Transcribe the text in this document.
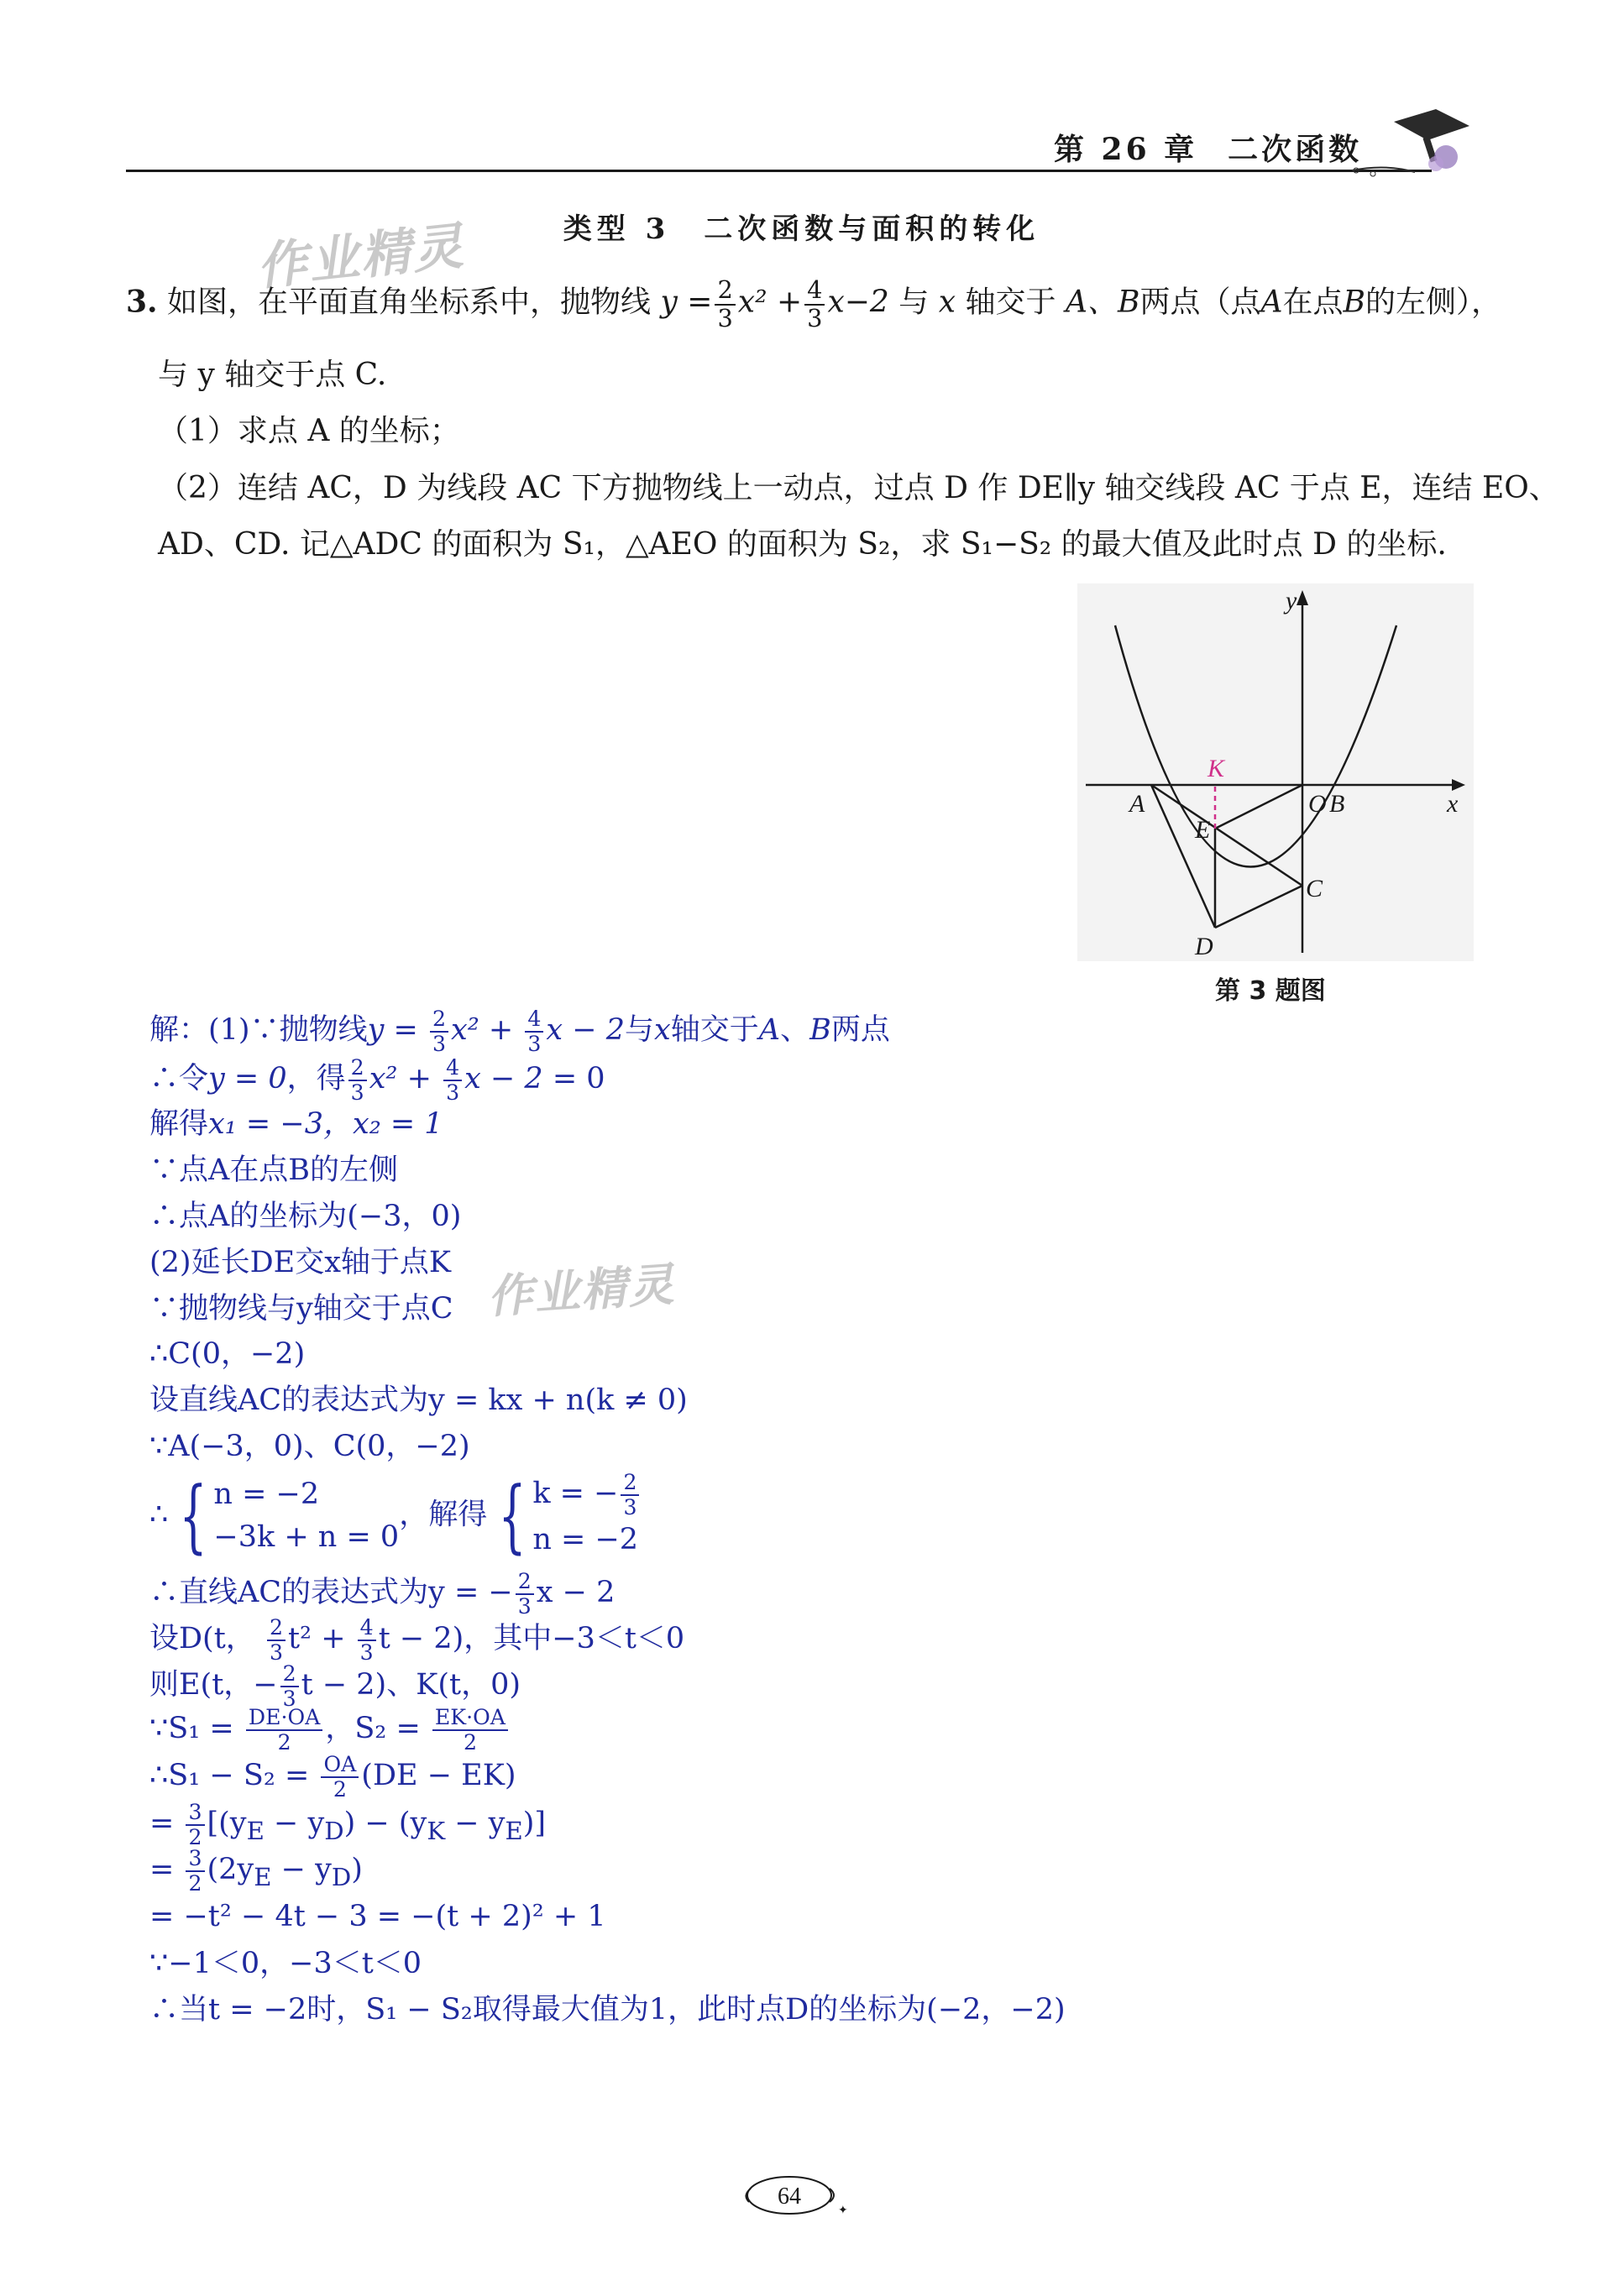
第 26 章 二次函数
类型 3　二次函数与面积的转化
作业精灵
作业精灵
3. 如图，在平面直角坐标系中，抛物线 $y = \frac{2}{3} x^2 + \frac{4}{3} x-2$ 与 x 轴交于 A、B两点（点A在点B的左侧），
与 y 轴交于点 C.
（1）求点 A 的坐标；
（2）连结 AC，D 为线段 AC 下方抛物线上一动点，过点 D 作 DE∥y 轴交线段 AC 于点 E，连结 EO、
AD、CD. 记△ADC 的面积为 S₁，△AEO 的面积为 S₂，求 S₁−S₂ 的最大值及此时点 D 的坐标.
y
x
A	O B
E
C
D
K
第 3 题图
解：(1)∵抛物线$y = \frac{2}{3} x^2 + \frac{4}{3}$ x − 2与x轴交于A、B两点
∴令y = 0，得 $\frac{2}{3} x^2 + \frac{4}{3}$ x − 2 = 0
解得x₁ = −3，x₂ = 1
∵点A在点B的左侧
∴点A的坐标为(−3，0)
(2)延长DE交x轴于点K
∵抛物线与y轴交于点C
∴C(0，−2)
设直线AC的表达式为y = kx + n(k ≠ 0)
∵A(−3，0)、C(0，−2)
∴ { n = −2
−3k + n = 0
，解得 { k = − $\frac{2}{3}$
n = −2
∴直线AC的表达式为y = − $\frac{2}{3}$ x − 2
设D(t， $\frac{2}{3} t^2 + \frac{4}{3}$ t − 2)，其中−3＜t＜0
则E(t，− $\frac{2}{3}$ t − 2)、K(t，0)
∵S₁ = $\frac{DE\cdot OA}{2}$ ，$S_2 = \frac{EK\cdot OA}{2}$
∴S₁ − $S_2 = \frac{OA}{2} (DE - EK)$
= $\frac{3}{2} [(y_E - y_D) - (y_K - y_E)]$
= $\frac{3}{2} (2y_E - y_D)$
= −t² − 4t − 3 = −(t + 2)² + 1
∵−1＜0，−3＜t＜0
∴当t = −2时，S₁ − S₂取得最大值为1，此时点D的坐标为(−2，−2)
✦
64
